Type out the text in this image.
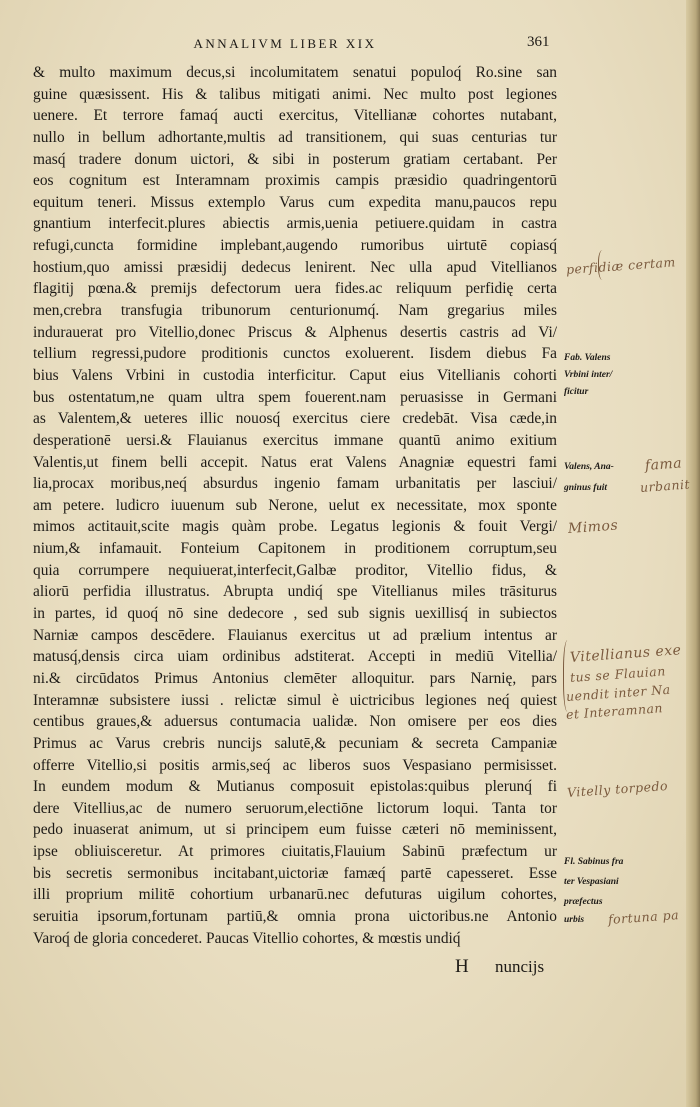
ANNALIVM LIBER XIX	361
& multo maximum decus,si incolumitatem senatui populoq́ Ro.sine san
guine quæsissent. His & talibus mitigati animi. Nec multo post legiones
uenere. Et terrore famaq́ aucti exercitus, Vitellianæ cohortes nutabant,
nullo in bellum adhortante,multis ad transitionem, qui suas centurias tur
masq́ tradere donum uictori, & sibi in posterum gratiam certabant. Per
eos cognitum est Interamnam proximis campis præsidio quadringentorū
equitum teneri. Missus extemplo Varus cum expedita manu,paucos repu
gnantium interfecit.plures abiectis armis,uenia petiuere.quidam in castra
refugi,cuncta formidine implebant,augendo rumoribus uirtutē copiasq́
hostium,quo amissi præsidij dedecus lenirent. Nec ulla apud Vitellianos
flagitij pœna.& premijs defectorum uera fides.ac reliquum perfidię certa
men,crebra transfugia tribunorum centurionumq́. Nam gregarius miles
indurauerat pro Vitellio,donec Priscus & Alphenus desertis castris ad Vi/
tellium regressi,pudore proditionis cunctos exoluerent. Iisdem diebus Fa
bius Valens Vrbini in custodia interficitur. Caput eius Vitellianis cohorti
bus ostentatum,ne quam ultra spem fouerent.nam peruasisse in Germani
as Valentem,& ueteres illic nouosq́ exercitus ciere credebāt. Visa cæde,in
desperationē uersi.& Flauianus exercitus immane quantū animo exitium
Valentis,ut finem belli accepit. Natus erat Valens Anagniæ equestri fami
lia,procax moribus,neq́ absurdus ingenio famam urbanitatis per lasciui/
am petere. ludicro iuuenum sub Nerone, uelut ex necessitate, mox sponte
mimos actitauit,scite magis quàm probe. Legatus legionis & fouit Vergi/
nium,& infamauit. Fonteium Capitonem in proditionem corruptum,seu
quia corrumpere nequiuerat,interfecit,Galbæ proditor, Vitellio fidus, &
aliorū perfidia illustratus. Abrupta undiq́ spe Vitellianus miles trāsiturus
in partes, id quoq́ nō sine dedecore , sed sub signis uexillisq́ in subiectos
Narniæ campos descēdere. Flauianus exercitus ut ad prælium intentus ar
matusq́,densis circa uiam ordinibus adstiterat. Accepti in mediū Vitellia/
ni.& circūdatos Primus Antonius clemēter alloquitur. pars Narnię, pars
Interamnæ subsistere iussi . relictæ simul è uictricibus legiones neq́ quiest
centibus graues,& aduersus contumacia ualidæ. Non omisere per eos dies
Primus ac Varus crebris nuncijs salutē,& pecuniam & secreta Campaniæ
offerre Vitellio,si positis armis,seq́ ac liberos suos Vespasiano permisisset.
In eundem modum & Mutianus composuit epistolas:quibus plerunq́ fi
dere Vitellius,ac de numero seruorum,electiōne lictorum loqui. Tanta tor
pedo inuaserat animum, ut si principem eum fuisse cæteri nō meminissent,
ipse obliuisceretur. At primores ciuitatis,Flauium Sabinū præfectum ur
bis secretis sermonibus incitabant,uictoriæ famæq́ partē capesseret. Esse
illi proprium militē cohortium urbanarū.nec defuturas uigilum cohortes,
seruitia ipsorum,fortunam partiū,& omnia prona uictoribus.ne Antonio
Varoq́ de gloria concederet. Paucas Vitellio cohortes, & mœstis undiq́
H nuncijs
Fab. Valens
Vrbini inter/
ficitur
Valens, Ana-
gninus fuit
Fl. Sabinus fra
ter Vespasiani
præfectus
urbis
perfidiæ certam
fama
urbanit
Mimos
Vitellianus exe
tus se Flauian
uendit inter Na
et Interamnan
Vitelly torpedo
fortuna pa
